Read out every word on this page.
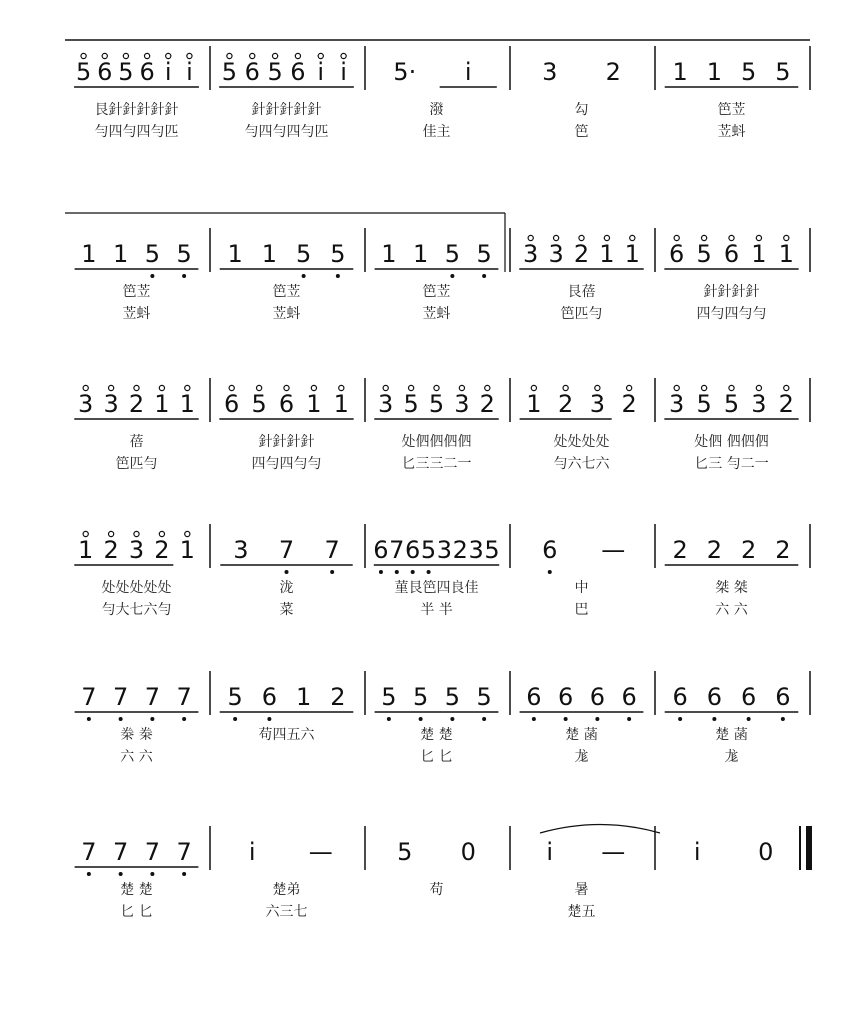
5 6 5 6 i i
艮針針針針針
勻四勻四勻匹
5 6 5 6 i i
針針針針針
勻四勻四勻匹
5· i
潑
佳主
3 2
勾
笆
1 1 5 5
笆苙
苙蚪
1 1 5 5
笆苙
苙蚪
1 1 5 5
笆苙
苙蚪
1 1 5 5
笆苙
苙蚪
3 3 2 1 1
艮蓓
笆匹勻
6 5 6 1 1
針針針針
四勻四勻勻
3 3 2 1 1
蓓
笆匹勻
6 5 6 1 1
針針針針
四勻四勻勻
3 5 5 3 2
处伵伵伵伵
匕三三二一
1 2 3 2
处处处处
勻六七六
3 5 5 3 2
处伵 伵伵伵
匕三 勻二一
1 2 3 2 1
处处处处处
勻大七六勻
3 7 7
泷
菜
6 7 6 5 3 2 3 5
菫艮笆四良佳
半 半
6 —
中
巴
2 2 2 2
桀 桀
六 六
7 7 7 7
桊 桊
六 六
5 6 1 2
苟四五六
5 5 5 5
楚 楚
匕 匕
6 6 6 6
楚 菡
尨
6 6 6 6
楚 菡
尨
7 7 7 7
楚 楚
匕 匕
i —
楚弟
六三七
5 0
苟
i —
暑
楚五
i 0
